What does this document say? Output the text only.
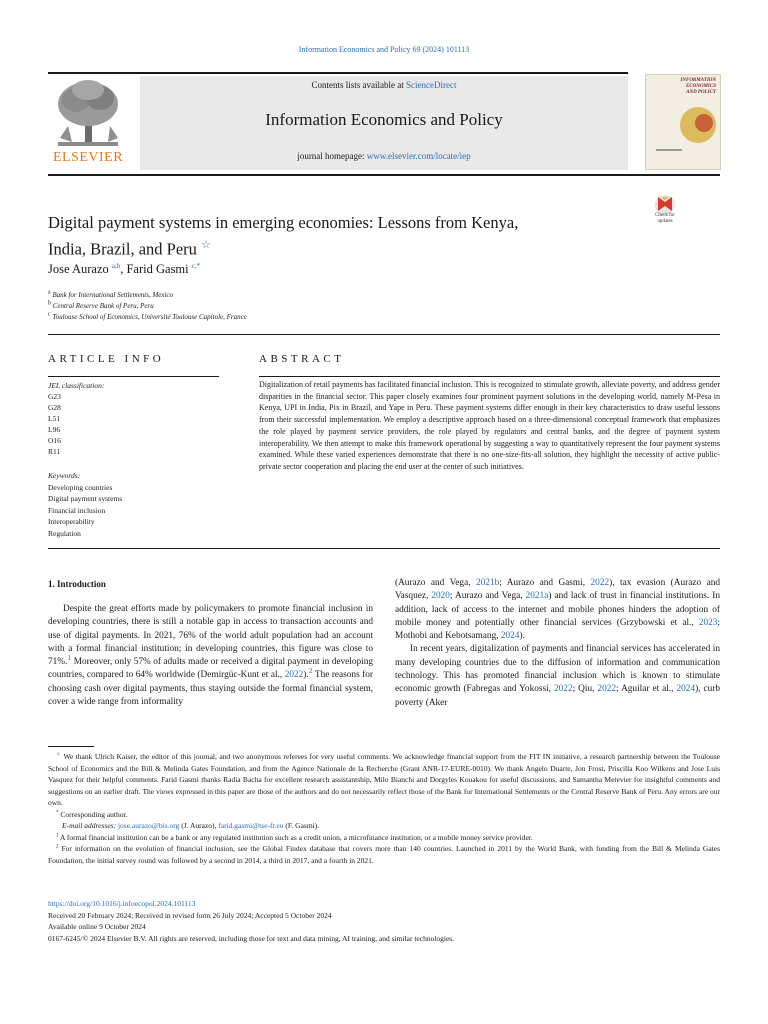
Information Economics and Policy 69 (2024) 101113
ELSEVIER
Contents lists available at ScienceDirect
Information Economics and Policy
journal homepage: www.elsevier.com/locate/iep
INFORMATION
ECONOMICS
AND POLICY
Digital payment systems in emerging economies: Lessons from Kenya,
India, Brazil, and Peru ☆
Check for
updates
Jose Aurazo $^{a,b}$, Farid Gasmi $^{c,*}$
$^a$ Bank for International Settlements, Mexico
$^b$ Central Reserve Bank of Peru, Peru
$^c$ Toulouse School of Economics, Université Toulouse Capitole, France
ARTICLE INFO	ABSTRACT
JEL classification:
G23
G28
L51
L96
O16
R11
Keywords:
Developing countries
Digital payment systems
Financial inclusion
Interoperability
Regulation
Digitalization of retail payments has facilitated financial inclusion. This is recognized to stimulate growth, alleviate poverty, and address gender disparities in the financial sector. This paper closely examines four prominent payment solutions in the developing world, namely M-Pesa in Kenya, UPI in India, Pix in Brazil, and Yape in Peru. These payment systems differ enough in their key characteristics to draw useful lessons from their successful implementation. We employ a descriptive approach based on a three-dimensional conceptual framework that emphasizes the role played by payment service providers, the role played by regulators and central banks, and the degree of payment system interoperability. We then attempt to make this framework operational by suggesting a way to quantitatively represent the four payment systems examined. While these varied experiences demonstrate that there is no one-size-fits-all solution, they highlight the necessity of active public-private sector cooperation and placing the end user at the center of such initiatives.
1. Introduction

Despite the great efforts made by policymakers to promote financial inclusion in developing countries, there is still a notable gap in access to transaction accounts and use of digital payments. In 2021, 76% of the world adult population had an account with a formal financial institution; in developing countries, this figure was close to 71%.$^1$ Moreover, only 57% of adults made or received a digital payment in developing countries, compared to 64% worldwide (Demirgüc-Kunt et al., 2022).$^2$ The reasons for choosing cash over digital payments, thus staying outside the formal financial system, cover a wide range from informality

(Aurazo and Vega, 2021b; Aurazo and Gasmi, 2022), tax evasion (Aurazo and Vasquez, 2020; Aurazo and Vega, 2021a) and lack of trust in financial institutions. In addition, lack of access to the internet and mobile phones hinders the adoption of mobile money and potentially other financial services (Grzybowski et al., 2023; Mothobi and Kebotsamang, 2024).

In recent years, digitalization of payments and financial services has accelerated in many developing countries due to the diffusion of information and communication technology. This has promoted financial inclusion which is known to stimulate economic growth (Fabregas and Yokossi, 2022; Qiu, 2022; Aguilar et al., 2024), curb poverty (Aker

☆ We thank Ulrich Kaiser, the editor of this journal, and two anonymous referees for very useful comments. We acknowledge financial support from the FIT IN initiative, a research partnership between the Toulouse School of Economics and the Bill & Melinda Gates Foundation, and from the Agence Nationale de la Recherche (Grant ANR-17-EURE-0010). We thank Angelo Duarte, Jon Frost, Priscilla Koo Wilkens and Jose Luis Vasquez for their helpful comments. Farid Gasmi thanks Radia Bacha for excellent research assistantship, Milo Bianchi and Dorgyles Kouakou for useful discussions, and Samantha Metevier for insightful comments and suggestions on an earlier draft. The views expressed in this paper are those of the authors and do not necessarily reflect those of the Bank for International Settlements or the Central Reserve Bank of Peru. Any errors are our own.

* Corresponding author.

E-mail addresses: jose.aurazo@bis.org (J. Aurazo), farid.gasmi@tse-fr.eu (F. Gasmi).

$^1$ A formal financial institution can be a bank or any regulated institution such as a credit union, a microfinance institution, or a mobile money service provider.

$^2$ For information on the evolution of financial inclusion, see the Global Findex database that covers more than 140 countries. Launched in 2011 by the World Bank, with funding from the Bill & Melinda Gates Foundation, the initial survey round was followed by a second in 2014, a third in 2017, and a fourth in 2021.

https://doi.org/10.1016/j.infoecopol.2024.101113
Received 20 February 2024; Received in revised form 26 July 2024; Accepted 5 October 2024
Available online 9 October 2024
0167-6245/© 2024 Elsevier B.V. All rights are reserved, including those for text and data mining, AI training, and similar technologies.
